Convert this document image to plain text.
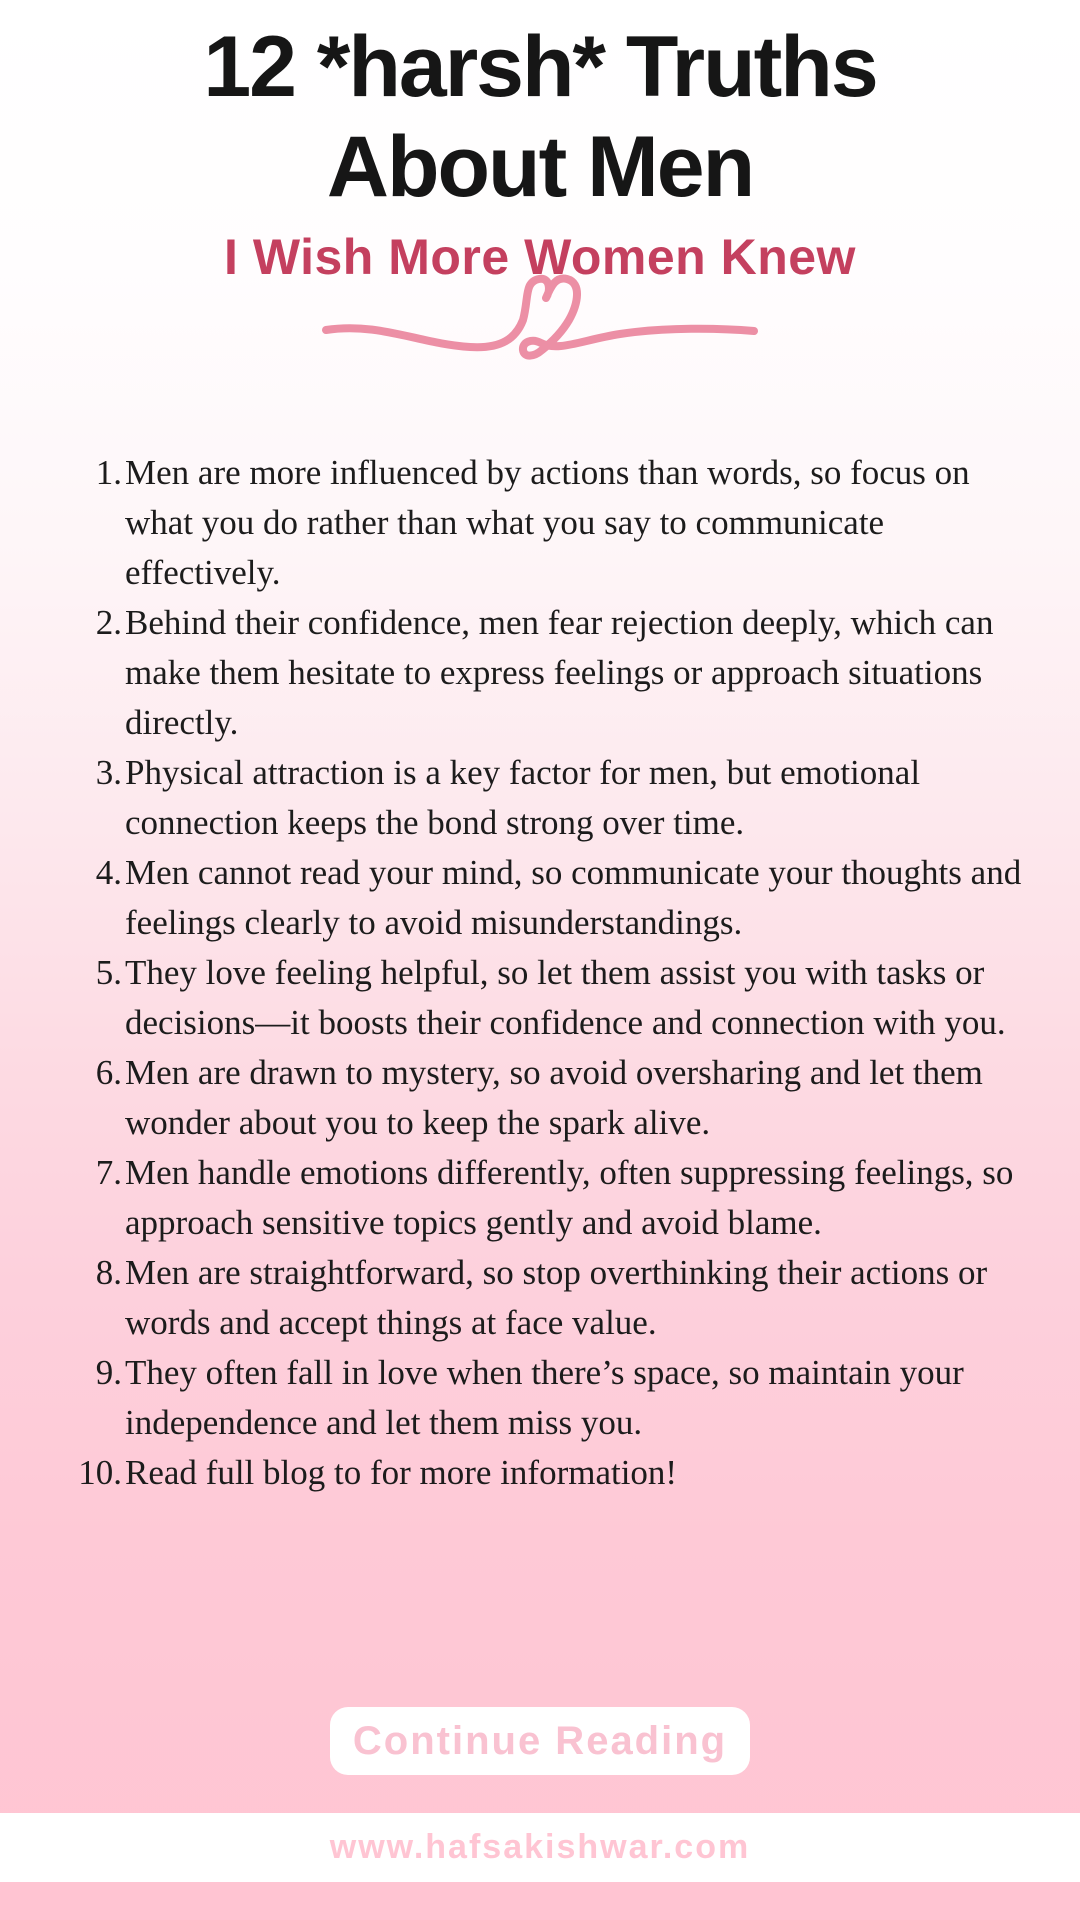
12 *harsh* Truths
About Men
I Wish More Women Knew
1. Men are more influenced by actions than words, so focus on what you do rather than what you say to communicate effectively.
2. Behind their confidence, men fear rejection deeply, which can make them hesitate to express feelings or approach situations directly.
3. Physical attraction is a key factor for men, but emotional connection keeps the bond strong over time.
4. Men cannot read your mind, so communicate your thoughts and feelings clearly to avoid misunderstandings.
5. They love feeling helpful, so let them assist you with tasks or decisions—it boosts their confidence and connection with you.
6. Men are drawn to mystery, so avoid oversharing and let them wonder about you to keep the spark alive.
7. Men handle emotions differently, often suppressing feelings, so approach sensitive topics gently and avoid blame.
8. Men are straightforward, so stop overthinking their actions or words and accept things at face value.
9. They often fall in love when there’s space, so maintain your independence and let them miss you.
10. Read full blog to for more information!
Continue Reading
www.hafsakishwar.com
